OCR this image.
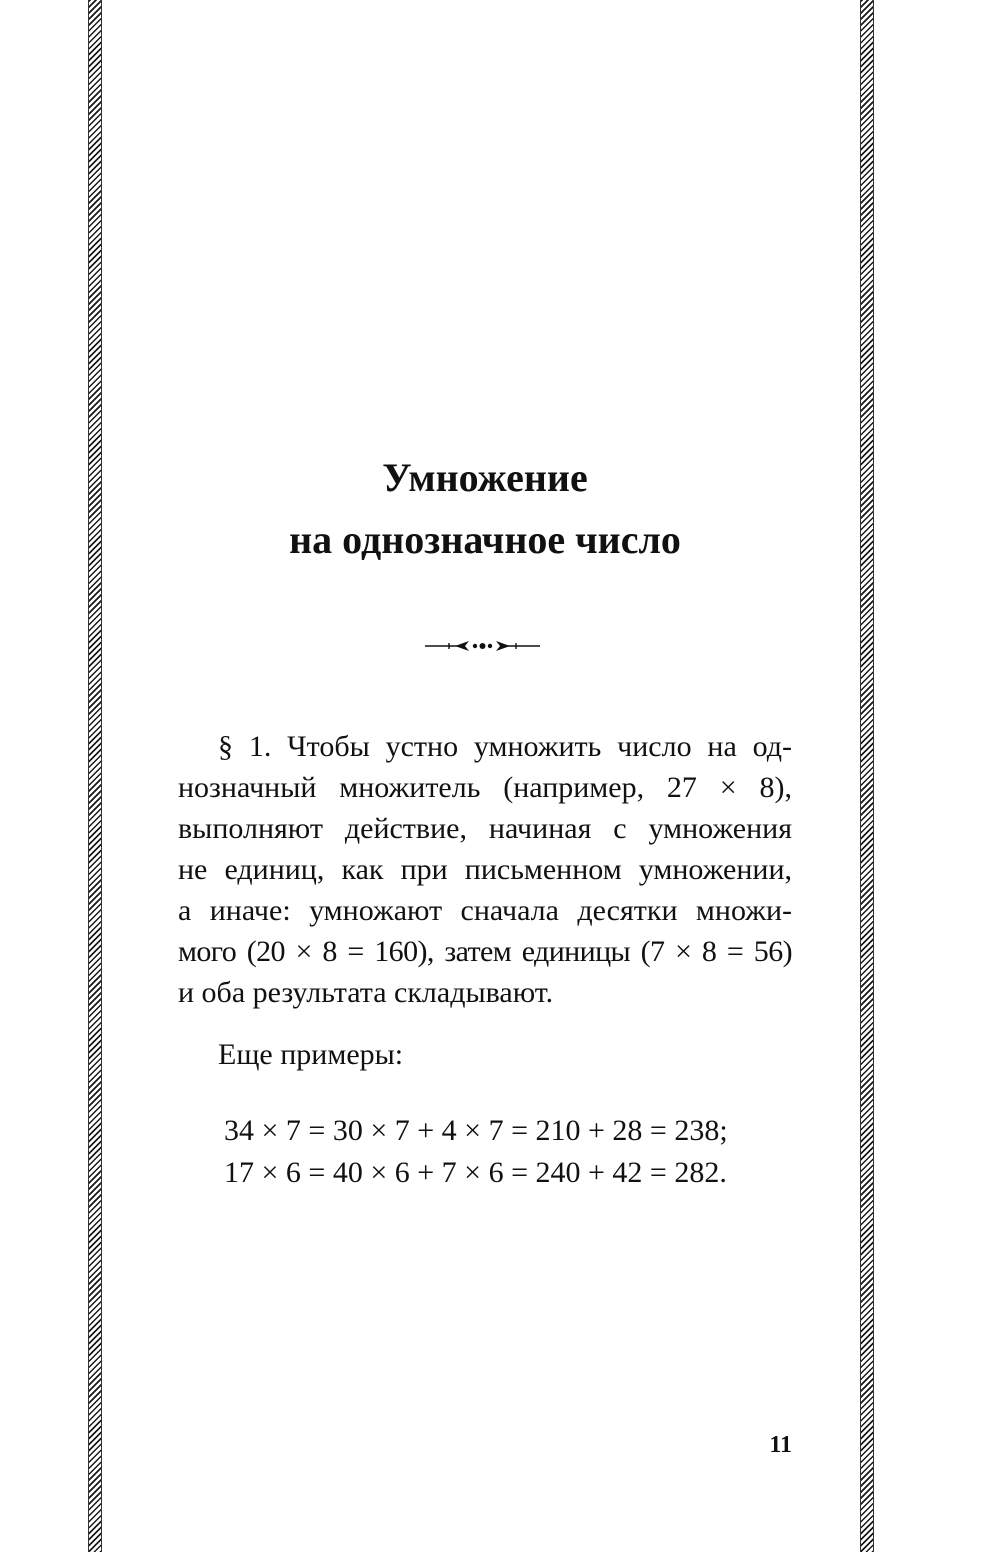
Умножение
на однозначное число
§ 1. Чтобы устно умножить число на од-
нозначный множитель (например, 27 × 8),
выполняют действие, начиная с умножения
не единиц, как при письменном умножении,
а иначе: умножают сначала десятки множи-
мого (20 × 8 = 160), затем единицы (7 × 8 = 56)
и оба результата складывают.

Еще примеры:

34 × 7 = 30 × 7 + 4 × 7 = 210 + 28 = 238;
17 × 6 = 40 × 6 + 7 × 6 = 240 + 42 = 282.
11
